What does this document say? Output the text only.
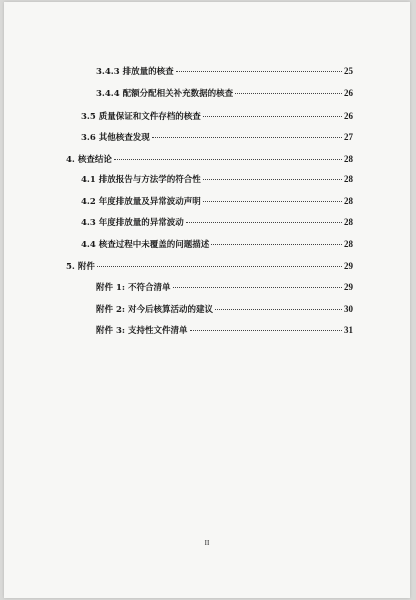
3.4.3 排放量的核查	25
3.4.4 配额分配相关补充数据的核查	26
3.5 质量保证和文件存档的核查	26
3.6 其他核查发现	27
4. 核查结论	28
4.1 排放报告与方法学的符合性	28
4.2 年度排放量及异常波动声明	28
4.3 年度排放量的异常波动	28
4.4 核查过程中未覆盖的问题描述	28
5. 附件	29
附件 1: 不符合清单	29
附件 2: 对今后核算活动的建议	30
附件 3: 支持性文件清单	31
II
